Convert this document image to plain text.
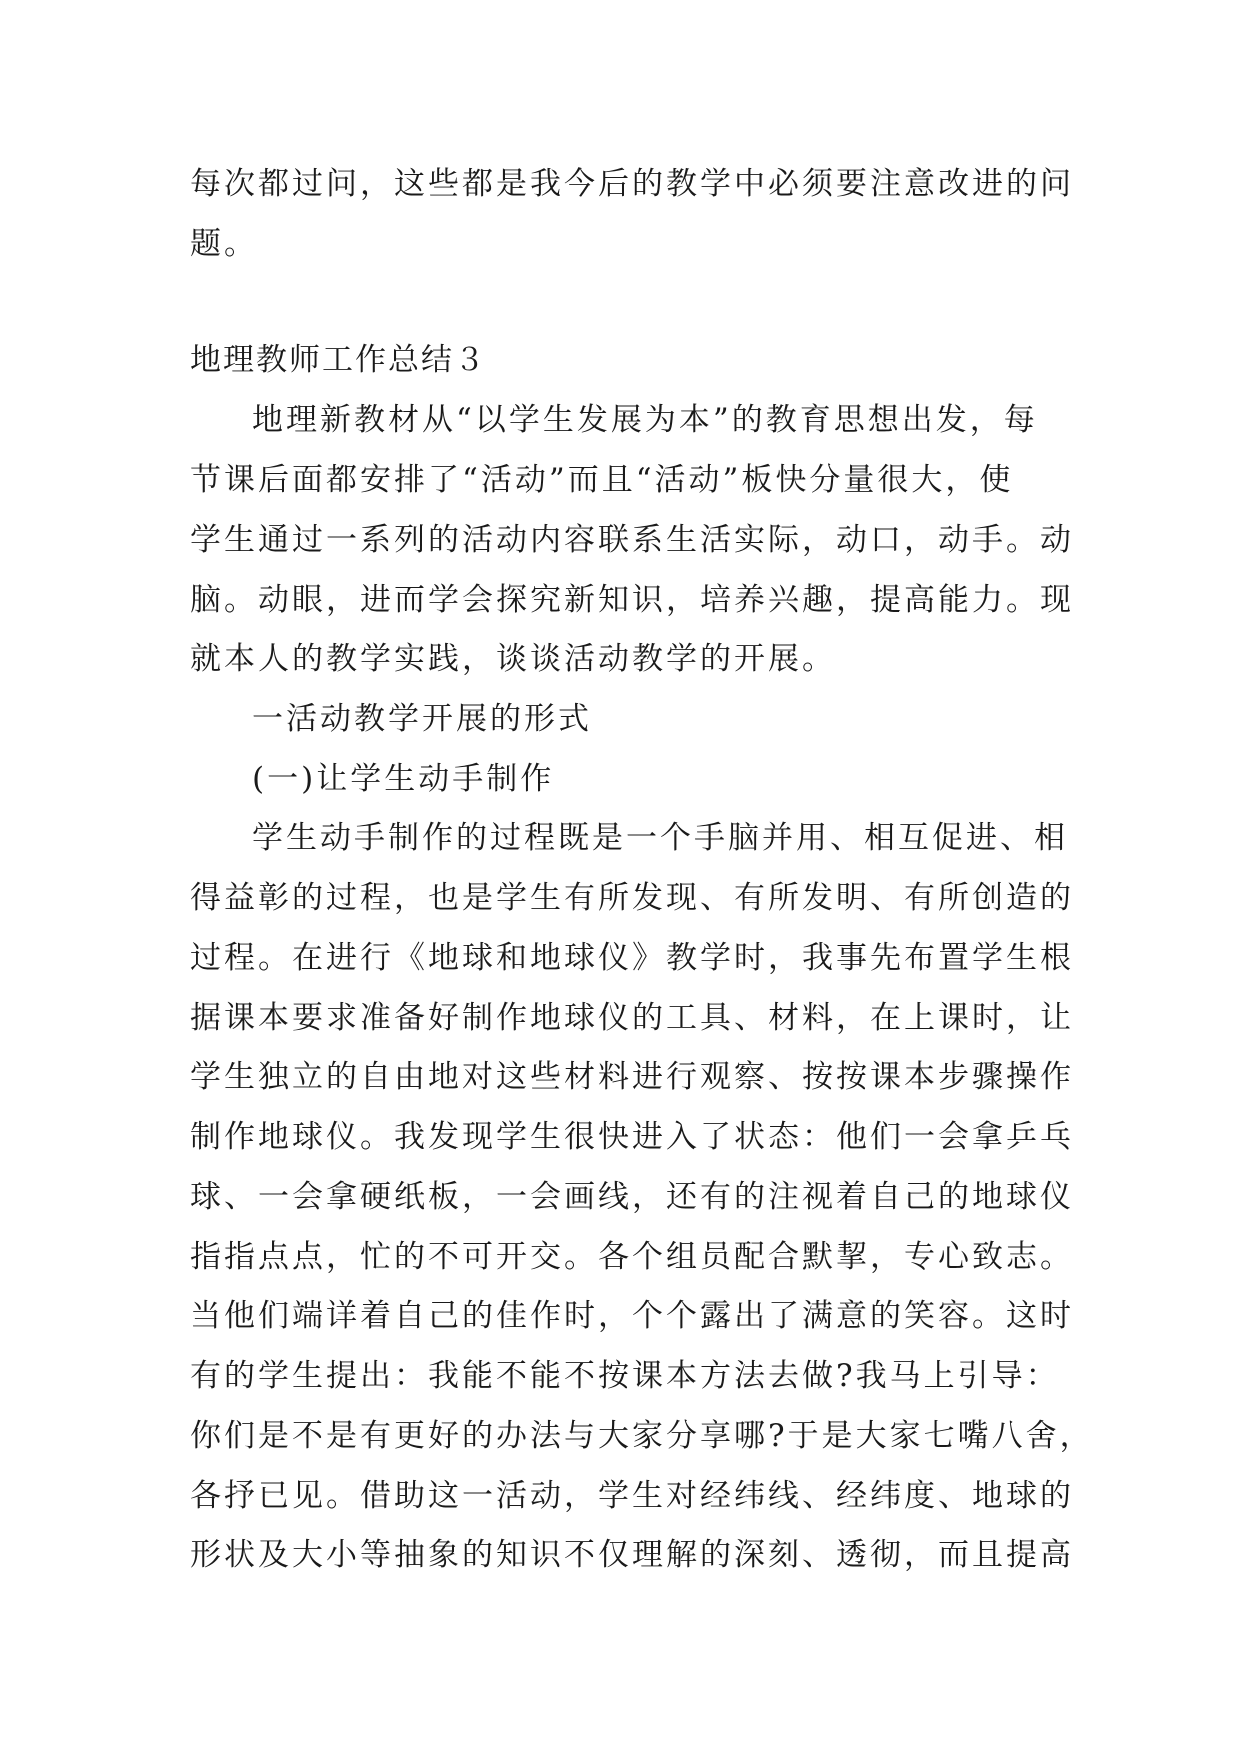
每次都过问，这些都是我今后的教学中必须要注意改进的问
题。
地理教师工作总结３
地理新教材从“以学生发展为本”的教育思想出发，每
节课后面都安排了“活动”而且“活动”板快分量很大，使
学生通过一系列的活动内容联系生活实际，动口，动手。动
脑。动眼，进而学会探究新知识，培养兴趣，提高能力。现
就本人的教学实践，谈谈活动教学的开展。
一活动教学开展的形式
(一)让学生动手制作
学生动手制作的过程既是一个手脑并用、相互促进、相
得益彰的过程，也是学生有所发现、有所发明、有所创造的
过程。在进行《地球和地球仪》教学时，我事先布置学生根
据课本要求准备好制作地球仪的工具、材料，在上课时，让
学生独立的自由地对这些材料进行观察、按按课本步骤操作
制作地球仪。我发现学生很快进入了状态：他们一会拿乒乓
球、一会拿硬纸板，一会画线，还有的注视着自己的地球仪
指指点点，忙的不可开交。各个组员配合默挈，专心致志。
当他们端详着自己的佳作时，个个露出了满意的笑容。这时
有的学生提出：我能不能不按课本方法去做?我马上引导：
你们是不是有更好的办法与大家分享哪?于是大家七嘴八舍，
各抒已见。借助这一活动，学生对经纬线、经纬度、地球的
形状及大小等抽象的知识不仅理解的深刻、透彻，而且提高
